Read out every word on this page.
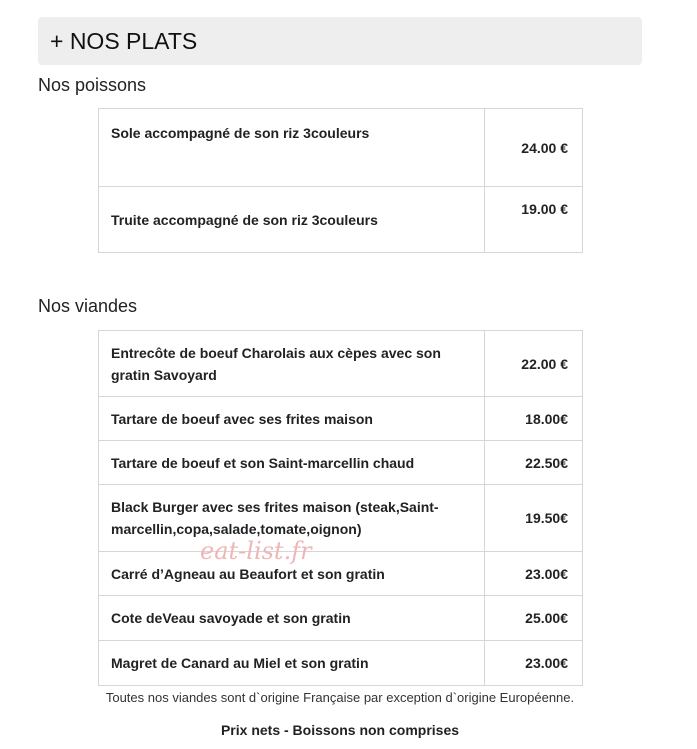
+ NOS PLATS
Nos poissons
Sole accompagné de son riz 3couleurs	24.00 €
Truite accompagné de son riz 3couleurs	19.00 €
Nos viandes
Entrecôte de boeuf Charolais aux cèpes avec son gratin Savoyard	22.00 €
Tartare de boeuf avec ses frites maison	18.00€
Tartare de boeuf et son Saint-marcellin chaud	22.50€
Black Burger avec ses frites maison (steak,Saint-marcellin,copa,salade,tomate,oignon)	19.50€
Carré d’Agneau au Beaufort et son gratin	23.00€
Cote deVeau savoyade et son gratin	25.00€
Magret de Canard au Miel et son gratin	23.00€
eat-list.fr
Toutes nos viandes sont d`origine Française par exception d`origine Européenne.
Prix nets - Boissons non comprises
